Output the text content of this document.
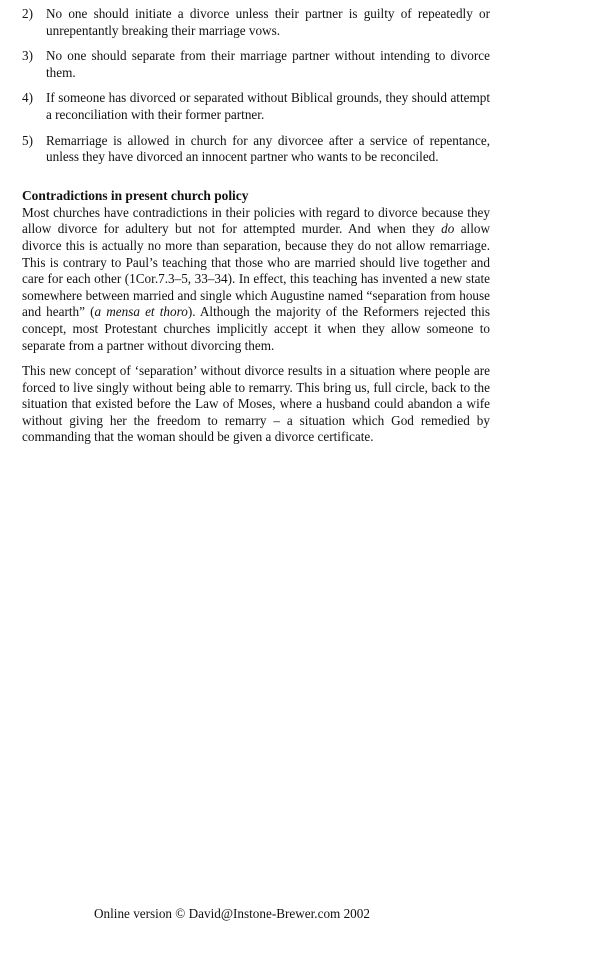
2) No one should initiate a divorce unless their partner is guilty of repeatedly or unrepentantly breaking their marriage vows.
3) No one should separate from their marriage partner without intending to divorce them.
4) If someone has divorced or separated without Biblical grounds, they should attempt a reconciliation with their former partner.
5) Remarriage is allowed in church for any divorcee after a service of repentance, unless they have divorced an innocent partner who wants to be reconciled.
Contradictions in present church policy

Most churches have contradictions in their policies with regard to divorce because they allow divorce for adultery but not for attempted murder. And when they do allow divorce this is actually no more than separation, because they do not allow remarriage. This is contrary to Paul’s teaching that those who are married should live together and care for each other (1Cor.7.3–5, 33–34). In effect, this teaching has invented a new state somewhere between married and single which Augustine named “separation from house and hearth” (a mensa et thoro). Although the majority of the Reformers rejected this concept, most Protestant churches implicitly accept it when they allow someone to separate from a partner without divorcing them.

This new concept of ‘separation’ without divorce results in a situation where people are forced to live singly without being able to remarry. This bring us, full circle, back to the situation that existed before the Law of Moses, where a husband could abandon a wife without giving her the freedom to remarry – a situation which God remedied by commanding that the woman should be given a divorce certificate.

Online version © David@Instone-Brewer.com 2002
